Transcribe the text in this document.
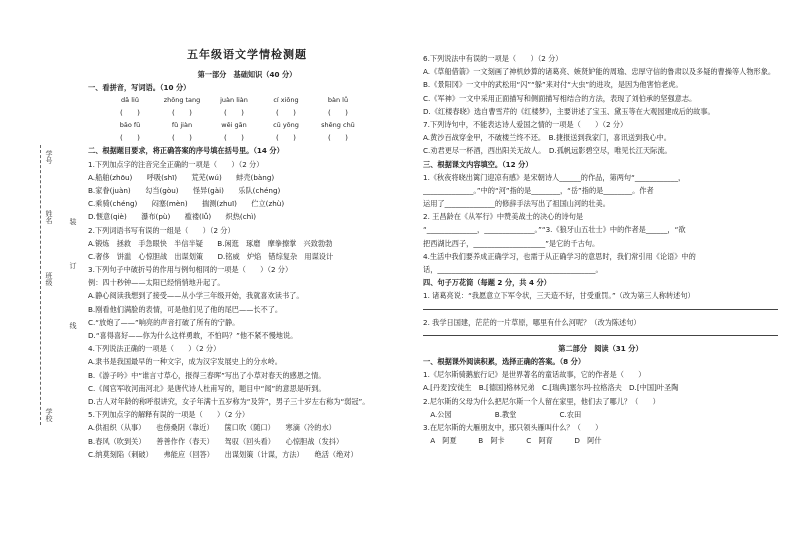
学号
姓名
班级
学校
装
订
线
五年级语文学情检测题
第一部分　基础知识（40 分）
一、看拼音，写词语。（10 分）
dā liǔ	zhōng tang	juàn liàn	cí xiōng	bàn lǚ
(　　)	(　　)	(　　)	(　　)	(　　)
bāo fū	fǔ jiàn	wēi gān	cū yōng	shēng chū
(　　)	(　　)	(　　)	(　　)	(　　)
二、根据题目要求，将正确答案的序号填在括号里。（14 分）
1.下列加点字的注音完全正确的一项是（　　）（2 分）
A.船舶(zhōu)　　呼吸(shī)　　荒芜(wú)　　蚌壳(bàng)
B.家眷(juàn)　　勾当(gòu)　　怪异(gài)　　乐队(chéng)
C.乘骑(chéng)　　闷塞(mèn)　　揣测(zhuī)　　伫立(zhù)
D.惬意(qiè)　　瀑布(pù)　　褴褛(lǚ)　　炽热(chì)
2.下列词语书写有误的一组是（　　）（2 分）
A.锻炼　拯救　手急眼快　半信半疑　　B.闲逛　琢磨　摩拳擦掌　兴致勃勃
C.奢侈　饼滥　心惊胆战　出谋划策　　D.铭威　炉焰　错综复杂　用谋设计
3.下列句子中破折号的作用与例句相同的一项是（　　）（2 分）
例：四十秒钟——太阳已经悄悄地升起了。
A.静心阅读我想到了接受——从小学三年级开始，我就喜欢读书了。
B.刚看他们满脸的表情，可是他们见了他的尾巴——长不了。
C.“放炮了——”响亮的声音打破了所有的宁静。
D.“喜得喜好——你为什么这样勇敢，不怕吗？”他不紧不慢地说。
4.下列说法正确的一项是（　　）（2 分）
A.隶书是我国最早的一种文字，成为汉字发展史上的分水岭。
B.《游子吟》中“谁言寸草心，报得三春晖”写出了小草对春天的感恩之情。
C.《闻官军收河南河北》是唐代诗人杜甫写的，题目中“闻”的意思是听到。
D.古人对年龄的称呼很讲究，女子年满十五岁称为“及笄”，男子三十岁左右称为“弱冠”。
5.下列加点字的解释有误的一项是（　　）（2 分）
A.供祖织（从事）　　也傍桑阴（靠近）　　箧口吹（随口）　　寒滴（冷的水）
B.春风（吹到关）　　善善作作（春天）　　驾驭（回头看）　　心惊胆战（发抖）
C.纳莫刻陷（刺破）　　弗能应（回答）　　出谋划策（计谋，方法）　　绝活（绝对）
6.下列说法中有误的一项是（　　）（2 分）
A.《草船借箭》一文刻画了神机妙算的诸葛亮、嫉贤妒能的周瑜、忠厚守信的鲁肃以及多疑的曹操等人物形象。
B.《景阳冈》一文中的武松用“闪”“躲”来对付“大虫”的进攻，是因为他害怕老虎。
C.《军神》一文中采用正面描写和侧面描写相结合的方法，表现了刘伯承的坚强意志。
D.《红楼春晓》选自曹雪芹的《红楼梦》，主要讲述了宝玉、黛玉等在大观园建成后的故事。
7.下列诗句中，不能表达诗人爱国之情的一项是（　　）（2 分）
A.黄沙百战穿金甲，不破楼兰终不还。　B.捷报送到我家门，喜讯送到我心中。
C.劝君更尽一杯酒，西出阳关无故人。　D.孤帆远影碧空尽，唯见长江天际流。
三、根据课文内容填空。（12 分）
1.《秋夜将晓出篱门迎凉有感》是宋朝诗人______的作品，第两句“____________，
______________。”中的“河”指的是________，“岳”指的是________。作者
运用了______________的修辞手法写出了祖国山河的壮美。
2. 王昌龄在《从军行》中赞美战士的决心的诗句是
“______________，______________。”“3.《狼牙山五壮士》中的作者是______，“欲
把西湖比西子，____________________”是它的千古句。
4.生活中我们要养成正确学习，也需于从正确学习的意思时，我们常引用《论语》中的
话，____________________________________________。
四、句子万花筒（每题 2 分，共 4 分）
1. 诸葛亮说：“我愿意立下军令状，三天造不好，甘受重罚。”（改为第三人称转述句）
2. 我学日国建，茫茫的一片草原，哪里有什么河呢？（改为陈述句）
第二部分　阅读（31 分）
一、根据课外阅读积累，选择正确的答案。（8 分）
1.《尼尔斯骑鹅旅行记》是世界著名的童话故事，它的作者是（　　）
A.[丹麦]安徒生　B.[德国]格林兄弟　C.[瑞典]塞尔玛·拉格洛夫　D.[中国]叶圣陶
2.尼尔斯的父母为什么把尼尔斯一个人留在家里，他们去了哪儿？（　　）
　A.公园　　　　　　B.教堂　　　　　　C.农田
3.在尼尔斯的大雁朋友中，那只领头雁叫什么？（　　）
　A　阿夏　　　B　阿卡　　　C　阿育　　　D　阿什
